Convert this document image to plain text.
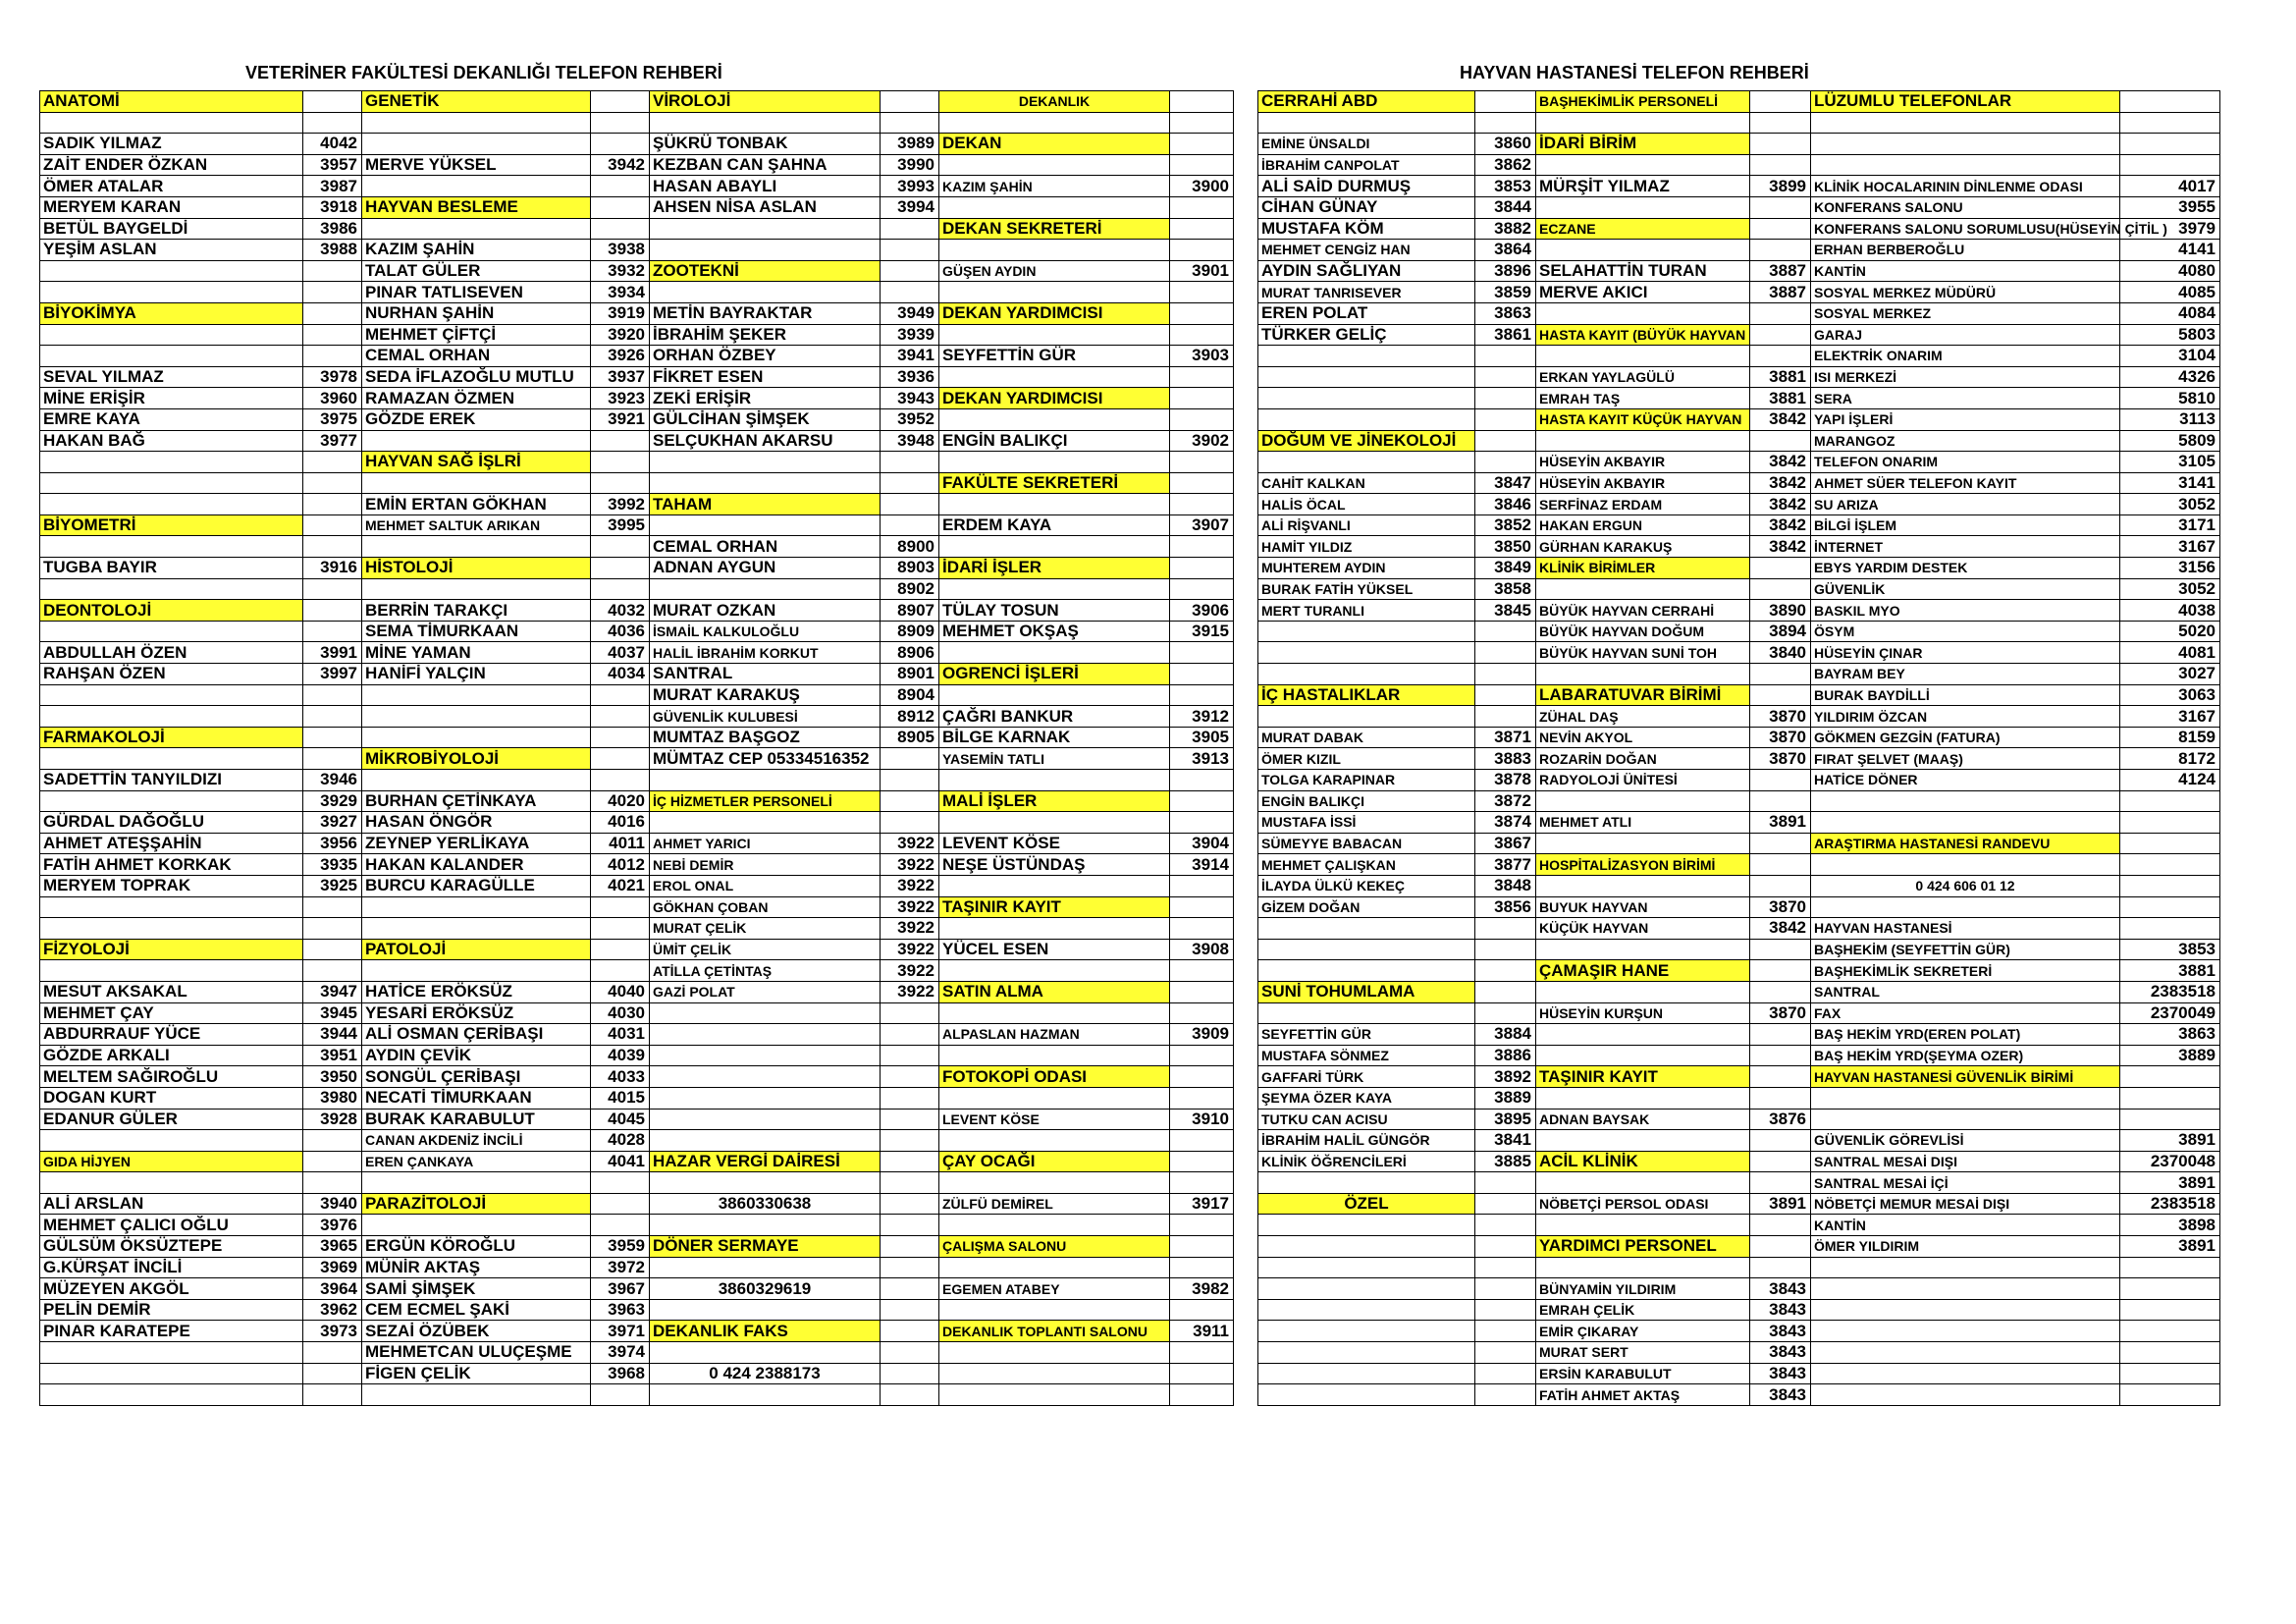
VETERİNER FAKÜLTESİ DEKANLIĞI TELEFON REHBERİ	HAYVAN HASTANESİ TELEFON REHBERİ
ANATOMİ		GENETİK		VİROLOJİ		DEKANLIK	

SADIK YILMAZ	4042			ŞÜKRÜ TONBAK	3989	DEKAN	
ZAİT ENDER ÖZKAN	3957	MERVE YÜKSEL	3942	KEZBAN CAN ŞAHNA	3990		
ÖMER ATALAR	3987			HASAN ABAYLI	3993	KAZIM ŞAHİN	3900
MERYEM KARAN	3918	HAYVAN BESLEME		AHSEN NİSA ASLAN	3994		
BETÜL BAYGELDİ	3986					DEKAN SEKRETERİ	
YEŞİM ASLAN	3988	KAZIM ŞAHİN	3938				
		TALAT GÜLER	3932	ZOOTEKNİ		GÜŞEN AYDIN	3901
		PINAR TATLISEVEN	3934				
BİYOKİMYA		NURHAN ŞAHİN	3919	METİN BAYRAKTAR	3949	DEKAN YARDIMCISI	
		MEHMET ÇİFTÇİ	3920	İBRAHİM ŞEKER	3939		
		CEMAL ORHAN	3926	ORHAN ÖZBEY	3941	SEYFETTİN GÜR	3903
SEVAL YILMAZ	3978	SEDA İFLAZOĞLU MUTLU	3937	FİKRET ESEN	3936		
MİNE ERİŞİR	3960	RAMAZAN ÖZMEN	3923	ZEKİ ERİŞİR	3943	DEKAN YARDIMCISI	
EMRE KAYA	3975	GÖZDE EREK	3921	GÜLCİHAN ŞİMŞEK	3952		
HAKAN BAĞ	3977			SELÇUKHAN AKARSU	3948	ENGİN BALIKÇI	3902
		HAYVAN SAĞ İŞLRİ					
						FAKÜLTE SEKRETERİ	
		EMİN ERTAN GÖKHAN	3992	TAHAM			
BİYOMETRİ		MEHMET SALTUK ARIKAN	3995			ERDEM KAYA	3907
				CEMAL ORHAN	8900		
TUGBA BAYIR	3916	HİSTOLOJİ		ADNAN AYGUN	8903	İDARİ İŞLER	
					8902		
DEONTOLOJİ		BERRİN TARAKÇI	4032	MURAT OZKAN	8907	TÜLAY TOSUN	3906
		SEMA TİMURKAAN	4036	İSMAİL KALKULOĞLU	8909	MEHMET OKŞAŞ	3915
ABDULLAH ÖZEN	3991	MİNE YAMAN	4037	HALİL İBRAHİM KORKUT	8906		
RAHŞAN ÖZEN	3997	HANİFİ YALÇIN	4034	SANTRAL	8901	OGRENCİ İŞLERİ	
				MURAT KARAKUŞ	8904		
				GÜVENLİK KULUBESİ	8912	ÇAĞRI BANKUR	3912
FARMAKOLOJİ				MUMTAZ BAŞGOZ	8905	BİLGE KARNAK	3905
		MİKROBİYOLOJİ		MÜMTAZ CEP 05334516352		YASEMİN TATLI	3913
SADETTİN TANYILDIZI	3946						
	3929	BURHAN ÇETİNKAYA	4020	İÇ HİZMETLER PERSONELİ		MALİ İŞLER	
GÜRDAL DAĞOĞLU	3927	HASAN ÖNGÖR	4016				
AHMET ATEŞŞAHİN	3956	ZEYNEP YERLİKAYA	4011	AHMET YARICI	3922	LEVENT KÖSE	3904
FATİH AHMET KORKAK	3935	HAKAN KALANDER	4012	NEBİ DEMİR	3922	NEŞE ÜSTÜNDAŞ	3914
MERYEM TOPRAK	3925	BURCU KARAGÜLLE	4021	EROL ONAL	3922		
				GÖKHAN ÇOBAN	3922	TAŞINIR KAYIT	
				MURAT ÇELİK	3922		
FİZYOLOJİ		PATOLOJİ		ÜMİT ÇELİK	3922	YÜCEL ESEN	3908
				ATİLLA ÇETİNTAŞ	3922		
MESUT AKSAKAL	3947	HATİCE ERÖKSÜZ	4040	GAZİ POLAT	3922	SATIN ALMA	
MEHMET ÇAY	3945	YESARİ ERÖKSÜZ	4030				
ABDURRAUF YÜCE	3944	ALİ OSMAN ÇERİBAŞI	4031			ALPASLAN HAZMAN	3909
GÖZDE ARKALI	3951	AYDIN ÇEVİK	4039				
MELTEM SAĞIROĞLU	3950	SONGÜL ÇERİBAŞI	4033			FOTOKOPİ ODASI	
DOGAN KURT	3980	NECATİ TİMURKAAN	4015				
EDANUR GÜLER	3928	BURAK KARABULUT	4045			LEVENT KÖSE	3910
		CANAN AKDENİZ İNCİLİ	4028				
GIDA HİJYEN		EREN ÇANKAYA	4041	HAZAR VERGİ DAİRESİ		ÇAY OCAĞI	

ALİ ARSLAN	3940	PARAZİTOLOJİ		3860330638		ZÜLFÜ DEMİREL	3917
MEHMET ÇALICI OĞLU	3976						
GÜLSÜM ÖKSÜZTEPE	3965	ERGÜN KÖROĞLU	3959	DÖNER SERMAYE		ÇALIŞMA SALONU	
G.KÜRŞAT İNCİLİ	3969	MÜNİR AKTAŞ	3972				
MÜZEYEN AKGÖL	3964	SAMİ ŞİMŞEK	3967	3860329619		EGEMEN ATABEY	3982
PELİN DEMİR	3962	CEM ECMEL ŞAKİ	3963				
PINAR KARATEPE	3973	SEZAİ ÖZÜBEK	3971	DEKANLIK FAKS		DEKANLIK TOPLANTI SALONU	3911
		MEHMETCAN ULUÇEŞME	3974				
		FİGEN ÇELİK	3968	0 424 2388173			

CERRAHİ ABD		BAŞHEKİMLİK PERSONELİ		LÜZUMLU TELEFONLAR	

EMİNE ÜNSALDI	3860	İDARİ BİRİM			
İBRAHİM CANPOLAT	3862				
ALİ SAİD DURMUŞ	3853	MÜRŞİT YILMAZ	3899	KLİNİK HOCALARININ DİNLENME ODASI	4017
CİHAN GÜNAY	3844			KONFERANS SALONU	3955
MUSTAFA KÖM	3882	ECZANE		KONFERANS SALONU SORUMLUSU(HÜSEYİN ÇİTİL )	3979
MEHMET CENGİZ HAN	3864			ERHAN BERBEROĞLU	4141
AYDIN SAĞLIYAN	3896	SELAHATTİN TURAN	3887	KANTİN	4080
MURAT TANRISEVER	3859	MERVE AKICI	3887	SOSYAL MERKEZ MÜDÜRÜ	4085
EREN POLAT	3863			SOSYAL MERKEZ	4084
TÜRKER GELİÇ	3861	HASTA KAYIT (BÜYÜK HAYVAN		GARAJ	5803
				ELEKTRİK ONARIM	3104
		ERKAN YAYLAGÜLÜ	3881	ISI MERKEZİ	4326
		EMRAH TAŞ	3881	SERA	5810
		HASTA KAYIT KÜÇÜK HAYVAN	3842	YAPI İŞLERİ	3113
DOĞUM VE JİNEKOLOJİ				MARANGOZ	5809
		HÜSEYİN AKBAYIR	3842	TELEFON ONARIM	3105
CAHİT KALKAN	3847	HÜSEYİN AKBAYIR	3842	AHMET SÜER TELEFON KAYIT	3141
HALİS ÖCAL	3846	SERFİNAZ ERDAM	3842	SU ARIZA	3052
ALİ RİŞVANLI	3852	HAKAN ERGUN	3842	BİLGİ İŞLEM	3171
HAMİT YILDIZ	3850	GÜRHAN KARAKUŞ	3842	İNTERNET	3167
MUHTEREM AYDIN	3849	KLİNİK BİRİMLER		EBYS YARDIM DESTEK	3156
BURAK FATİH YÜKSEL	3858			GÜVENLİK	3052
MERT TURANLI	3845	BÜYÜK HAYVAN CERRAHİ	3890	BASKIL MYO	4038
		BÜYÜK HAYVAN DOĞUM	3894	ÖSYM	5020
		BÜYÜK HAYVAN SUNİ TOH	3840	HÜSEYİN ÇINAR	4081
				BAYRAM BEY	3027
İÇ HASTALIKLAR		LABARATUVAR BİRİMİ		BURAK BAYDİLLİ	3063
		ZÜHAL DAŞ	3870	YILDIRIM ÖZCAN	3167
MURAT DABAK	3871	NEVİN AKYOL	3870	GÖKMEN GEZGİN (FATURA)	8159
ÖMER KIZIL	3883	ROZARİN DOĞAN	3870	FIRAT ŞELVET (MAAŞ)	8172
TOLGA KARAPINAR	3878	RADYOLOJİ ÜNİTESİ		HATİCE DÖNER	4124
ENGİN BALIKÇI	3872				
MUSTAFA İSSİ	3874	MEHMET ATLI	3891		
SÜMEYYE BABACAN	3867			ARAŞTIRMA HASTANESİ RANDEVU	
MEHMET ÇALIŞKAN	3877	HOSPİTALİZASYON BİRİMİ			
İLAYDA ÜLKÜ KEKEÇ	3848			0 424 606 01 12	
GİZEM DOĞAN	3856	BUYUK HAYVAN	3870		
		KÜÇÜK HAYVAN	3842	HAYVAN HASTANESİ	
				BAŞHEKİM (SEYFETTİN GÜR)	3853
		ÇAMAŞIR HANE		BAŞHEKİMLİK SEKRETERİ	3881
SUNİ TOHUMLAMA				SANTRAL	2383518
		HÜSEYİN KURŞUN	3870	FAX	2370049
SEYFETTİN GÜR	3884			BAŞ HEKİM YRD(EREN POLAT)	3863
MUSTAFA SÖNMEZ	3886			BAŞ HEKİM YRD(ŞEYMA OZER)	3889
GAFFARİ TÜRK	3892	TAŞINIR KAYIT		HAYVAN HASTANESİ GÜVENLİK BİRİMİ	
ŞEYMA ÖZER KAYA	3889				
TUTKU CAN ACISU	3895	ADNAN BAYSAK	3876		
İBRAHİM HALİL GÜNGÖR	3841			GÜVENLİK GÖREVLİSİ	3891
KLİNİK ÖĞRENCİLERİ	3885	ACİL KLİNİK		SANTRAL MESAİ DIŞI	2370048
				SANTRAL MESAİ İÇİ	3891
ÖZEL		NÖBETÇİ PERSOL ODASI	3891	NÖBETÇİ MEMUR MESAİ DIŞI	2383518
				KANTİN	3898
		YARDIMCI PERSONEL		ÖMER YILDIRIM	3891

		BÜNYAMİN YILDIRIM	3843		
		EMRAH ÇELİK	3843		
		EMİR ÇIKARAY	3843		
		MURAT SERT	3843		
		ERSİN KARABULUT	3843		
		FATİH AHMET AKTAŞ	3843		
